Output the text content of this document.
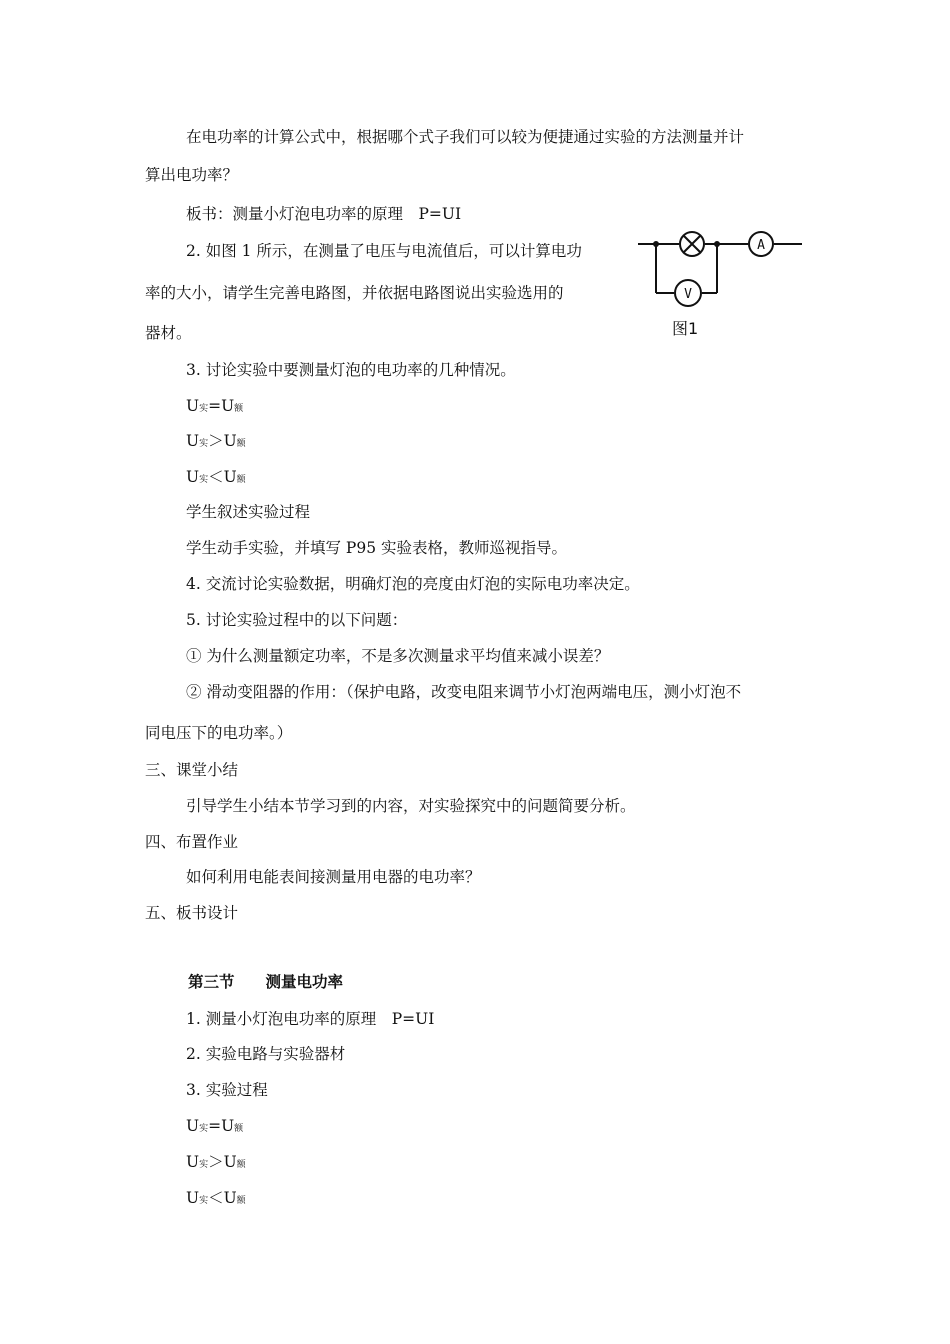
在电功率的计算公式中，根据哪个式子我们可以较为便捷通过实验的方法测量并计
算出电功率？
板书：测量小灯泡电功率的原理　P=UI
2. 如图 1 所示，在测量了电压与电流值后，可以计算电功
率的大小，请学生完善电路图，并依据电路图说出实验选用的
器材。
A
V
图1
3. 讨论实验中要测量灯泡的电功率的几种情况。
U实=U额
U实＞U额
U实＜U额
学生叙述实验过程
学生动手实验，并填写 P95 实验表格，教师巡视指导。
4. 交流讨论实验数据，明确灯泡的亮度由灯泡的实际电功率决定。
5. 讨论实验过程中的以下问题：
① 为什么测量额定功率，不是多次测量求平均值来减小误差？
② 滑动变阻器的作用：（保护电路，改变电阻来调节小灯泡两端电压，测小灯泡不
同电压下的电功率。）
三、课堂小结
引导学生小结本节学习到的内容，对实验探究中的问题简要分析。
四、布置作业
如何利用电能表间接测量用电器的电功率？
五、板书设计
第三节　　测量电功率
1. 测量小灯泡电功率的原理　P=UI
2. 实验电路与实验器材
3. 实验过程
U实=U额
U实＞U额
U实＜U额
